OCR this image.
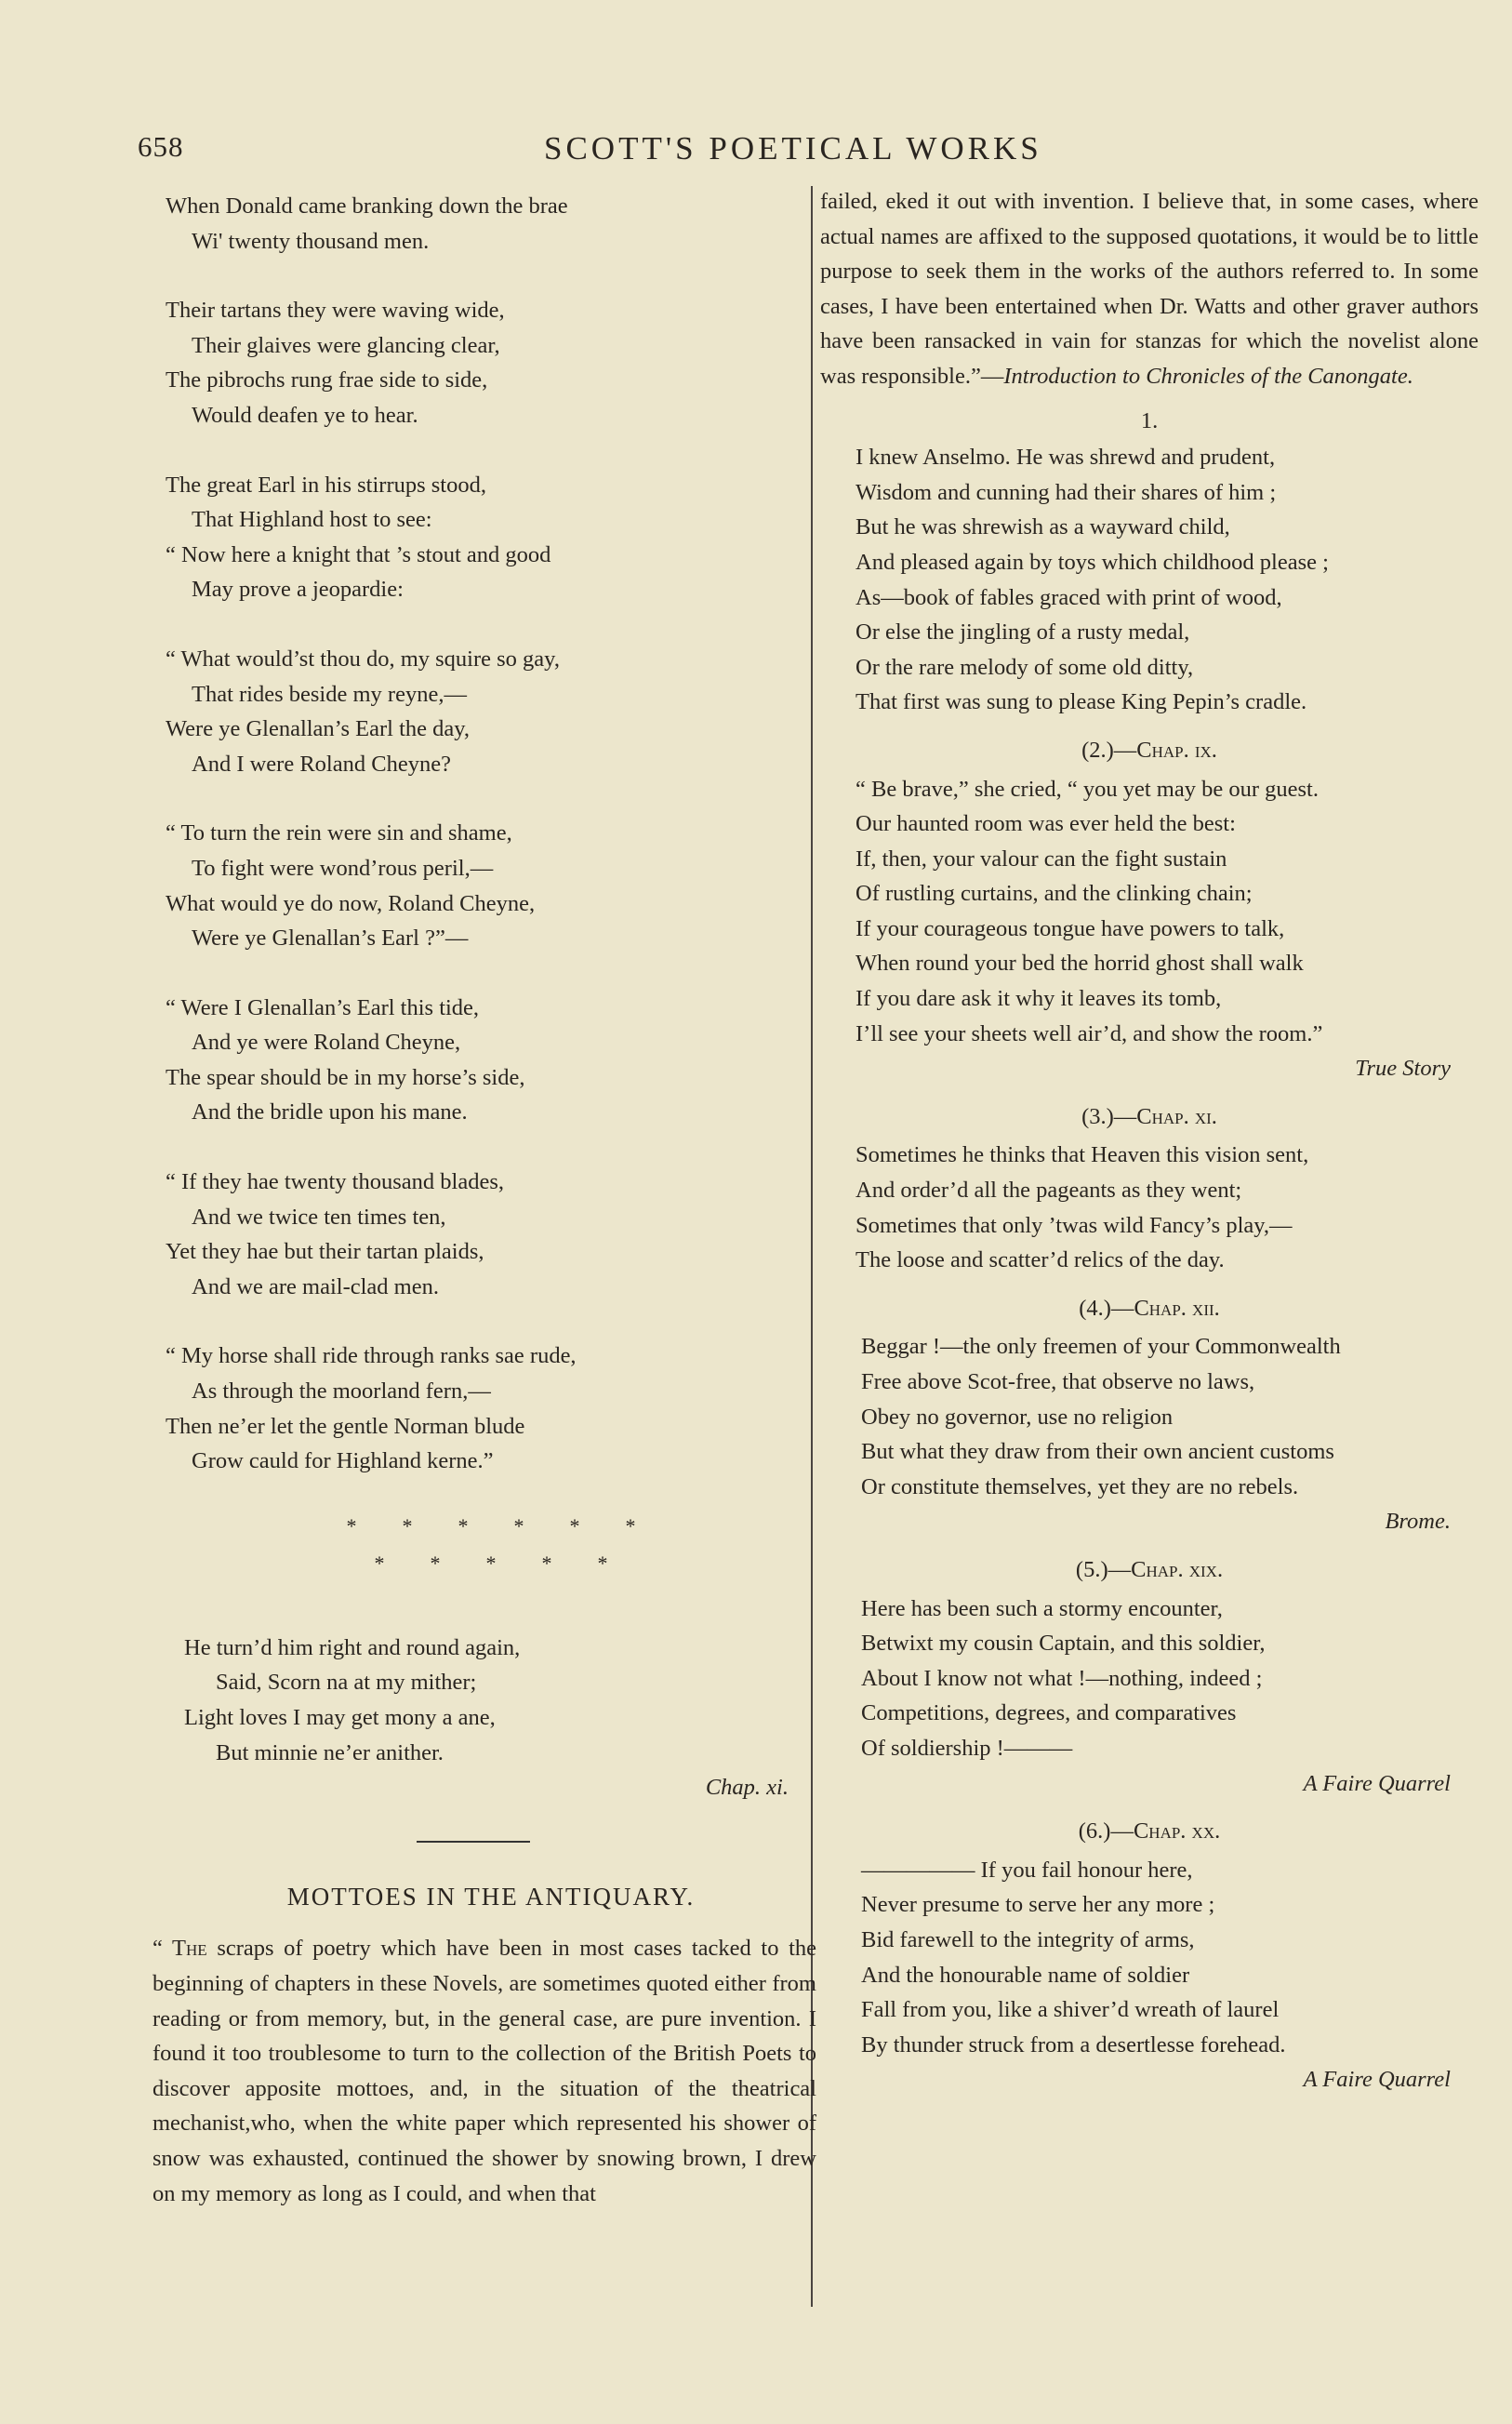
658	SCOTT'S POETICAL WORKS
When Donald came branking down the brae
Wi' twenty thousand men.
Their tartans they were waving wide,
Their glaives were glancing clear,
The pibrochs rung frae side to side,
Would deafen ye to hear.
The great Earl in his stirrups stood,
That Highland host to see:
“ Now here a knight that ’s stout and good
May prove a jeopardie:
“ What would’st thou do, my squire so gay,
That rides beside my reyne,—
Were ye Glenallan’s Earl the day,
And I were Roland Cheyne?
“ To turn the rein were sin and shame,
To fight were wond’rous peril,—
What would ye do now, Roland Cheyne,
Were ye Glenallan’s Earl ?”—
“ Were I Glenallan’s Earl this tide,
And ye were Roland Cheyne,
The spear should be in my horse’s side,
And the bridle upon his mane.
“ If they hae twenty thousand blades,
And we twice ten times ten,
Yet they hae but their tartan plaids,
And we are mail-clad men.
“ My horse shall ride through ranks sae rude,
As through the moorland fern,—
Then ne’er let the gentle Norman blude
Grow cauld for Highland kerne.”
* * * * * *
* * * * *
He turn’d him right and round again,
Said, Scorn na at my mither;
Light loves I may get mony a ane,
But minnie ne’er anither.
Chap. xi.
MOTTOES IN THE ANTIQUARY.
“ The scraps of poetry which have been in most cases tacked to the beginning of chapters in these Novels, are sometimes quoted either from reading or from memory, but, in the general case, are pure invention. I found it too troublesome to turn to the collection of the British Poets to discover apposite mottoes, and, in the situation of the theatrical mechanist,who, when the white paper which represented his shower of snow was exhausted, continued the shower by snowing brown, I drew on my memory as long as I could, and when that
failed, eked it out with invention. I believe that, in some cases, where actual names are affixed to the supposed quotations, it would be to little purpose to seek them in the works of the authors referred to. In some cases, I have been entertained when Dr. Watts and other graver authors have been ransacked in vain for stanzas for which the novelist alone was responsible.”—Introduction to Chronicles of the Canongate.
1.
I knew Anselmo. He was shrewd and prudent,
Wisdom and cunning had their shares of him ;
But he was shrewish as a wayward child,
And pleased again by toys which childhood please ;
As—book of fables graced with print of wood,
Or else the jingling of a rusty medal,
Or the rare melody of some old ditty,
That first was sung to please King Pepin’s cradle.
(2.)—Chap. ix.
“ Be brave,” she cried, “ you yet may be our guest.
Our haunted room was ever held the best:
If, then, your valour can the fight sustain
Of rustling curtains, and the clinking chain;
If your courageous tongue have powers to talk,
When round your bed the horrid ghost shall walk
If you dare ask it why it leaves its tomb,
I’ll see your sheets well air’d, and show the room.”
True Story
(3.)—Chap. xi.
Sometimes he thinks that Heaven this vision sent,
And order’d all the pageants as they went;
Sometimes that only ’twas wild Fancy’s play,—
The loose and scatter’d relics of the day.
(4.)—Chap. xii.
Beggar !—the only freemen of your Commonwealth
Free above Scot-free, that observe no laws,
Obey no governor, use no religion
But what they draw from their own ancient customs
Or constitute themselves, yet they are no rebels.
Brome.
(5.)—Chap. xix.
Here has been such a stormy encounter,
Betwixt my cousin Captain, and this soldier,
About I know not what !—nothing, indeed ;
Competitions, degrees, and comparatives
Of soldiership !———
A Faire Quarrel
(6.)—Chap. xx.
————— If you fail honour here,
Never presume to serve her any more ;
Bid farewell to the integrity of arms,
And the honourable name of soldier
Fall from you, like a shiver’d wreath of laurel
By thunder struck from a desertlesse forehead.
A Faire Quarrel
